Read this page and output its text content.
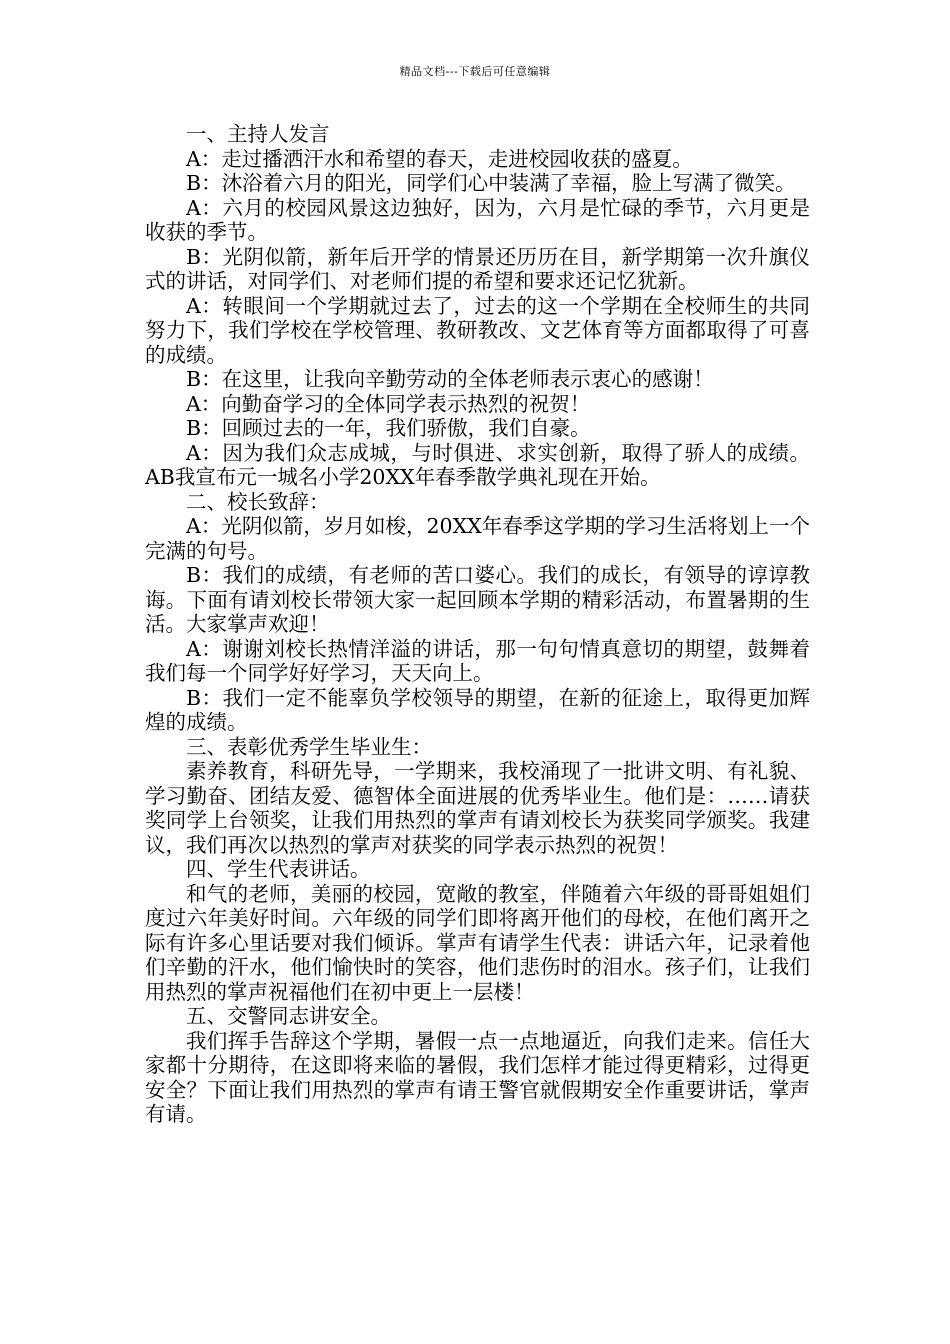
精品文档---下载后可任意编辑

一、主持人发言

A：走过播洒汗水和希望的春天，走进校园收获的盛夏。

B：沐浴着六月的阳光，同学们心中装满了幸福，脸上写满了微笑。

A：六月的校园风景这边独好，因为，六月是忙碌的季节，六月更是收获的季节。

B：光阴似箭，新年后开学的情景还历历在目，新学期第一次升旗仪式的讲话，对同学们、对老师们提的希望和要求还记忆犹新。

A：转眼间一个学期就过去了，过去的这一个学期在全校师生的共同努力下，我们学校在学校管理、教研教改、文艺体育等方面都取得了可喜的成绩。

B：在这里，让我向辛勤劳动的全体老师表示衷心的感谢！

A：向勤奋学习的全体同学表示热烈的祝贺！

B：回顾过去的一年，我们骄傲，我们自豪。

A：因为我们众志成城，与时俱进、求实创新，取得了骄人的成绩。AB我宣布元一城名小学20XX年春季散学典礼现在开始。

二、校长致辞：

A：光阴似箭，岁月如梭，20XX年春季这学期的学习生活将划上一个完满的句号。

B：我们的成绩，有老师的苦口婆心。我们的成长，有领导的谆谆教诲。下面有请刘校长带领大家一起回顾本学期的精彩活动，布置暑期的生活。大家掌声欢迎！

A：谢谢刘校长热情洋溢的讲话，那一句句情真意切的期望，鼓舞着我们每一个同学好好学习，天天向上。

B：我们一定不能辜负学校领导的期望，在新的征途上，取得更加辉煌的成绩。

三、表彰优秀学生毕业生：

素养教育，科研先导，一学期来，我校涌现了一批讲文明、有礼貌、学习勤奋、团结友爱、德智体全面进展的优秀毕业生。他们是：……请获奖同学上台领奖，让我们用热烈的掌声有请刘校长为获奖同学颁奖。我建议，我们再次以热烈的掌声对获奖的同学表示热烈的祝贺！

四、学生代表讲话。

和气的老师，美丽的校园，宽敞的教室，伴随着六年级的哥哥姐姐们度过六年美好时间。六年级的同学们即将离开他们的母校，在他们离开之际有许多心里话要对我们倾诉。掌声有请学生代表：讲话六年，记录着他们辛勤的汗水，他们愉快时的笑容，他们悲伤时的泪水。孩子们，让我们用热烈的掌声祝福他们在初中更上一层楼！

五、交警同志讲安全。

我们挥手告辞这个学期，暑假一点一点地逼近，向我们走来。信任大家都十分期待，在这即将来临的暑假，我们怎样才能过得更精彩，过得更安全？下面让我们用热烈的掌声有请王警官就假期安全作重要讲话，掌声有请。
